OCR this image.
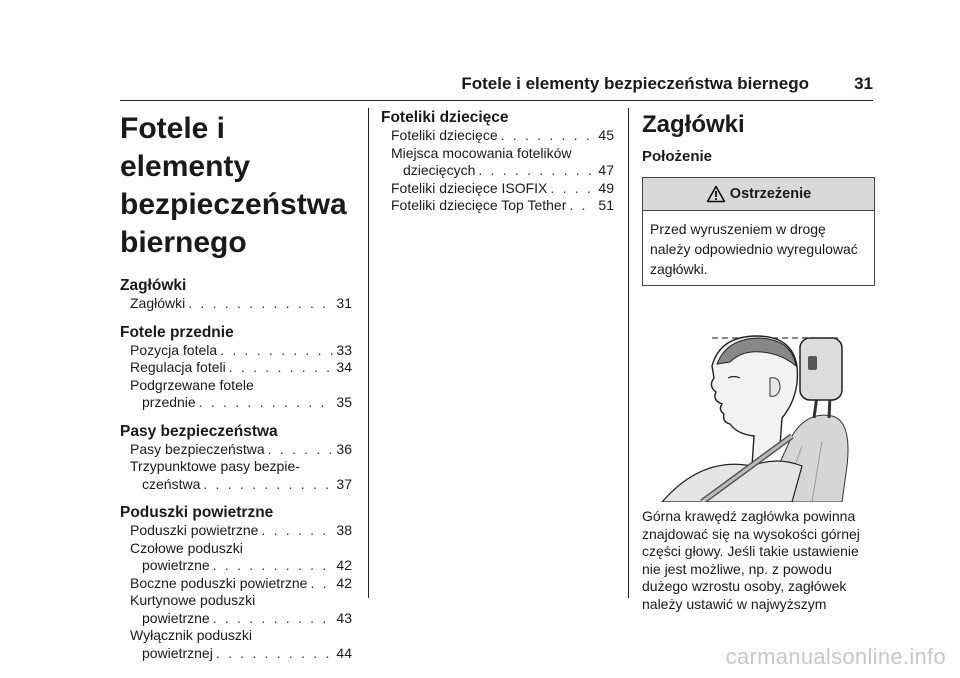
Fotele i elementy bezpieczeństwa biernego	31
Fotele i elementy
bezpieczeństwa
biernego
Zagłówki
Zagłówki . . .	31
Fotele przednie
Pozycja fotela . . .	33
Regulacja foteli . . .	34
Podgrzewane fotele
przednie . . .	35
Pasy bezpieczeństwa
Pasy bezpieczeństwa . . .	36
Trzypunktowe pasy bezpie-
czeństwa . . .	37
Poduszki powietrzne
Poduszki powietrzne . . .	38
Czołowe poduszki
powietrzne . . .	42
Boczne poduszki powietrzne . . . 42
Kurtynowe poduszki
powietrzne . . .	43
Wyłącznik poduszki
powietrznej . . .	44
Foteliki dziecięce
Foteliki dziecięce . . .	45
Miejsca mocowania fotelików
dziecięcych . . .	47
Foteliki dziecięce ISOFIX . . .	49
Foteliki dziecięce Top Tether . . . 51
Zagłówki
Położenie
Ostrzeżenie
Przed wyruszeniem w drogę należy odpowiednio wyregulować zagłówki.
Górna krawędź zagłówka powinna znajdować się na wysokości górnej części głowy. Jeśli takie ustawienie nie jest możliwe, np. z powodu dużego wzrostu osoby, zagłówek należy ustawić w najwyższym
carmanualsonline.info
